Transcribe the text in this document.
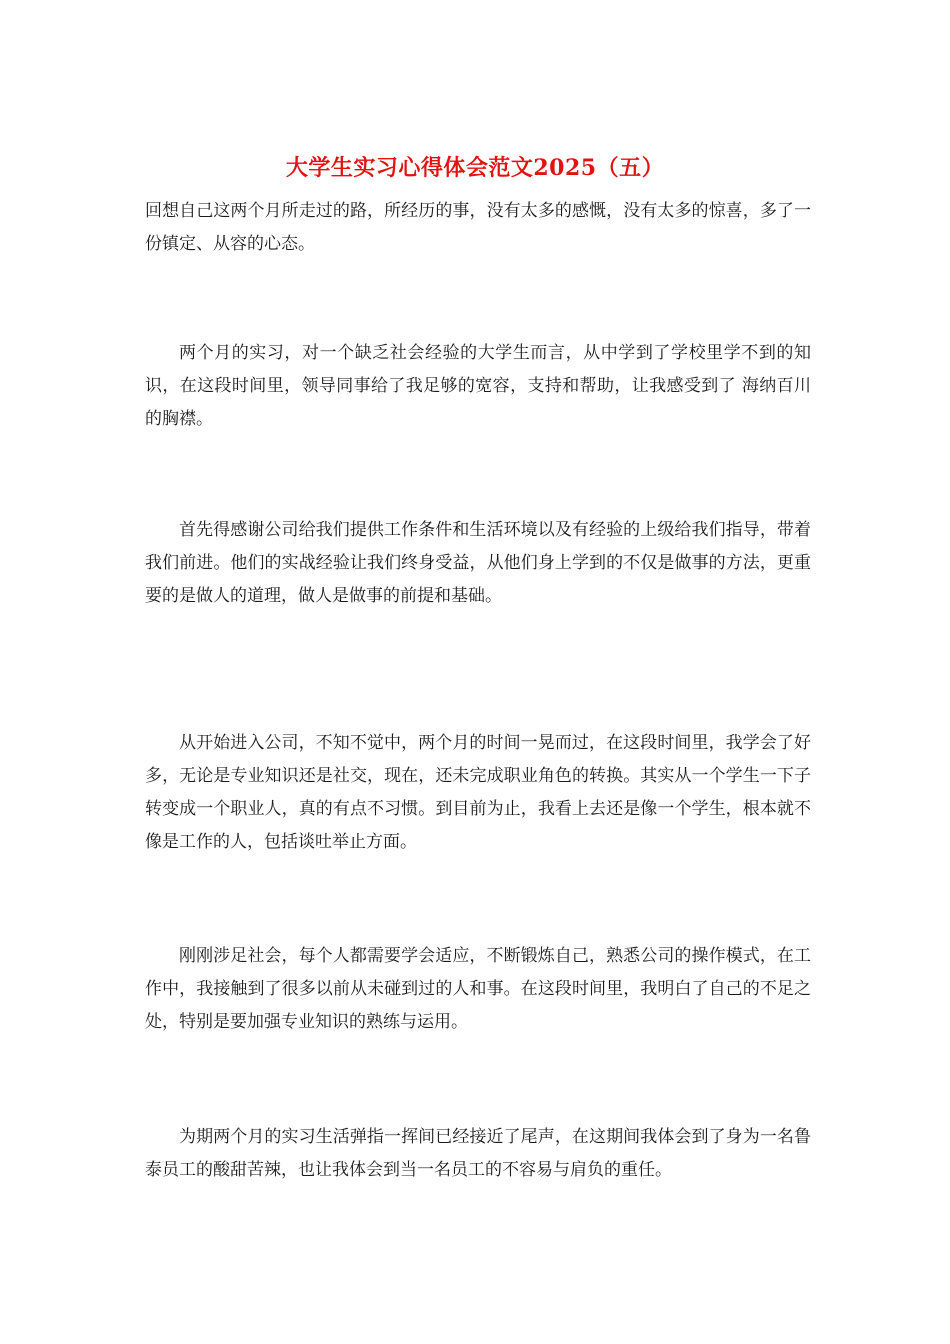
大学生实习心得体会范文2025（五）

回想自己这两个月所走过的路，所经历的事，没有太多的感慨，没有太多的惊喜，多了一份镇定、从容的心态。

两个月的实习，对一个缺乏社会经验的大学生而言，从中学到了学校里学不到的知识，在这段时间里，领导同事给了我足够的宽容，支持和帮助，让我感受到了 海纳百川 的胸襟。

首先得感谢公司给我们提供工作条件和生活环境以及有经验的上级给我们指导，带着我们前进。他们的实战经验让我们终身受益，从他们身上学到的不仅是做事的方法，更重要的是做人的道理，做人是做事的前提和基础。

从开始进入公司，不知不觉中，两个月的时间一晃而过，在这段时间里，我学会了好多，无论是专业知识还是社交，现在，还未完成职业角色的转换。其实从一个学生一下子转变成一个职业人，真的有点不习惯。到目前为止，我看上去还是像一个学生，根本就不像是工作的人，包括谈吐举止方面。

刚刚涉足社会，每个人都需要学会适应，不断锻炼自己，熟悉公司的操作模式，在工作中，我接触到了很多以前从未碰到过的人和事。在这段时间里，我明白了自己的不足之处，特别是要加强专业知识的熟练与运用。

为期两个月的实习生活弹指一挥间已经接近了尾声，在这期间我体会到了身为一名鲁泰员工的酸甜苦辣，也让我体会到当一名员工的不容易与肩负的重任。
